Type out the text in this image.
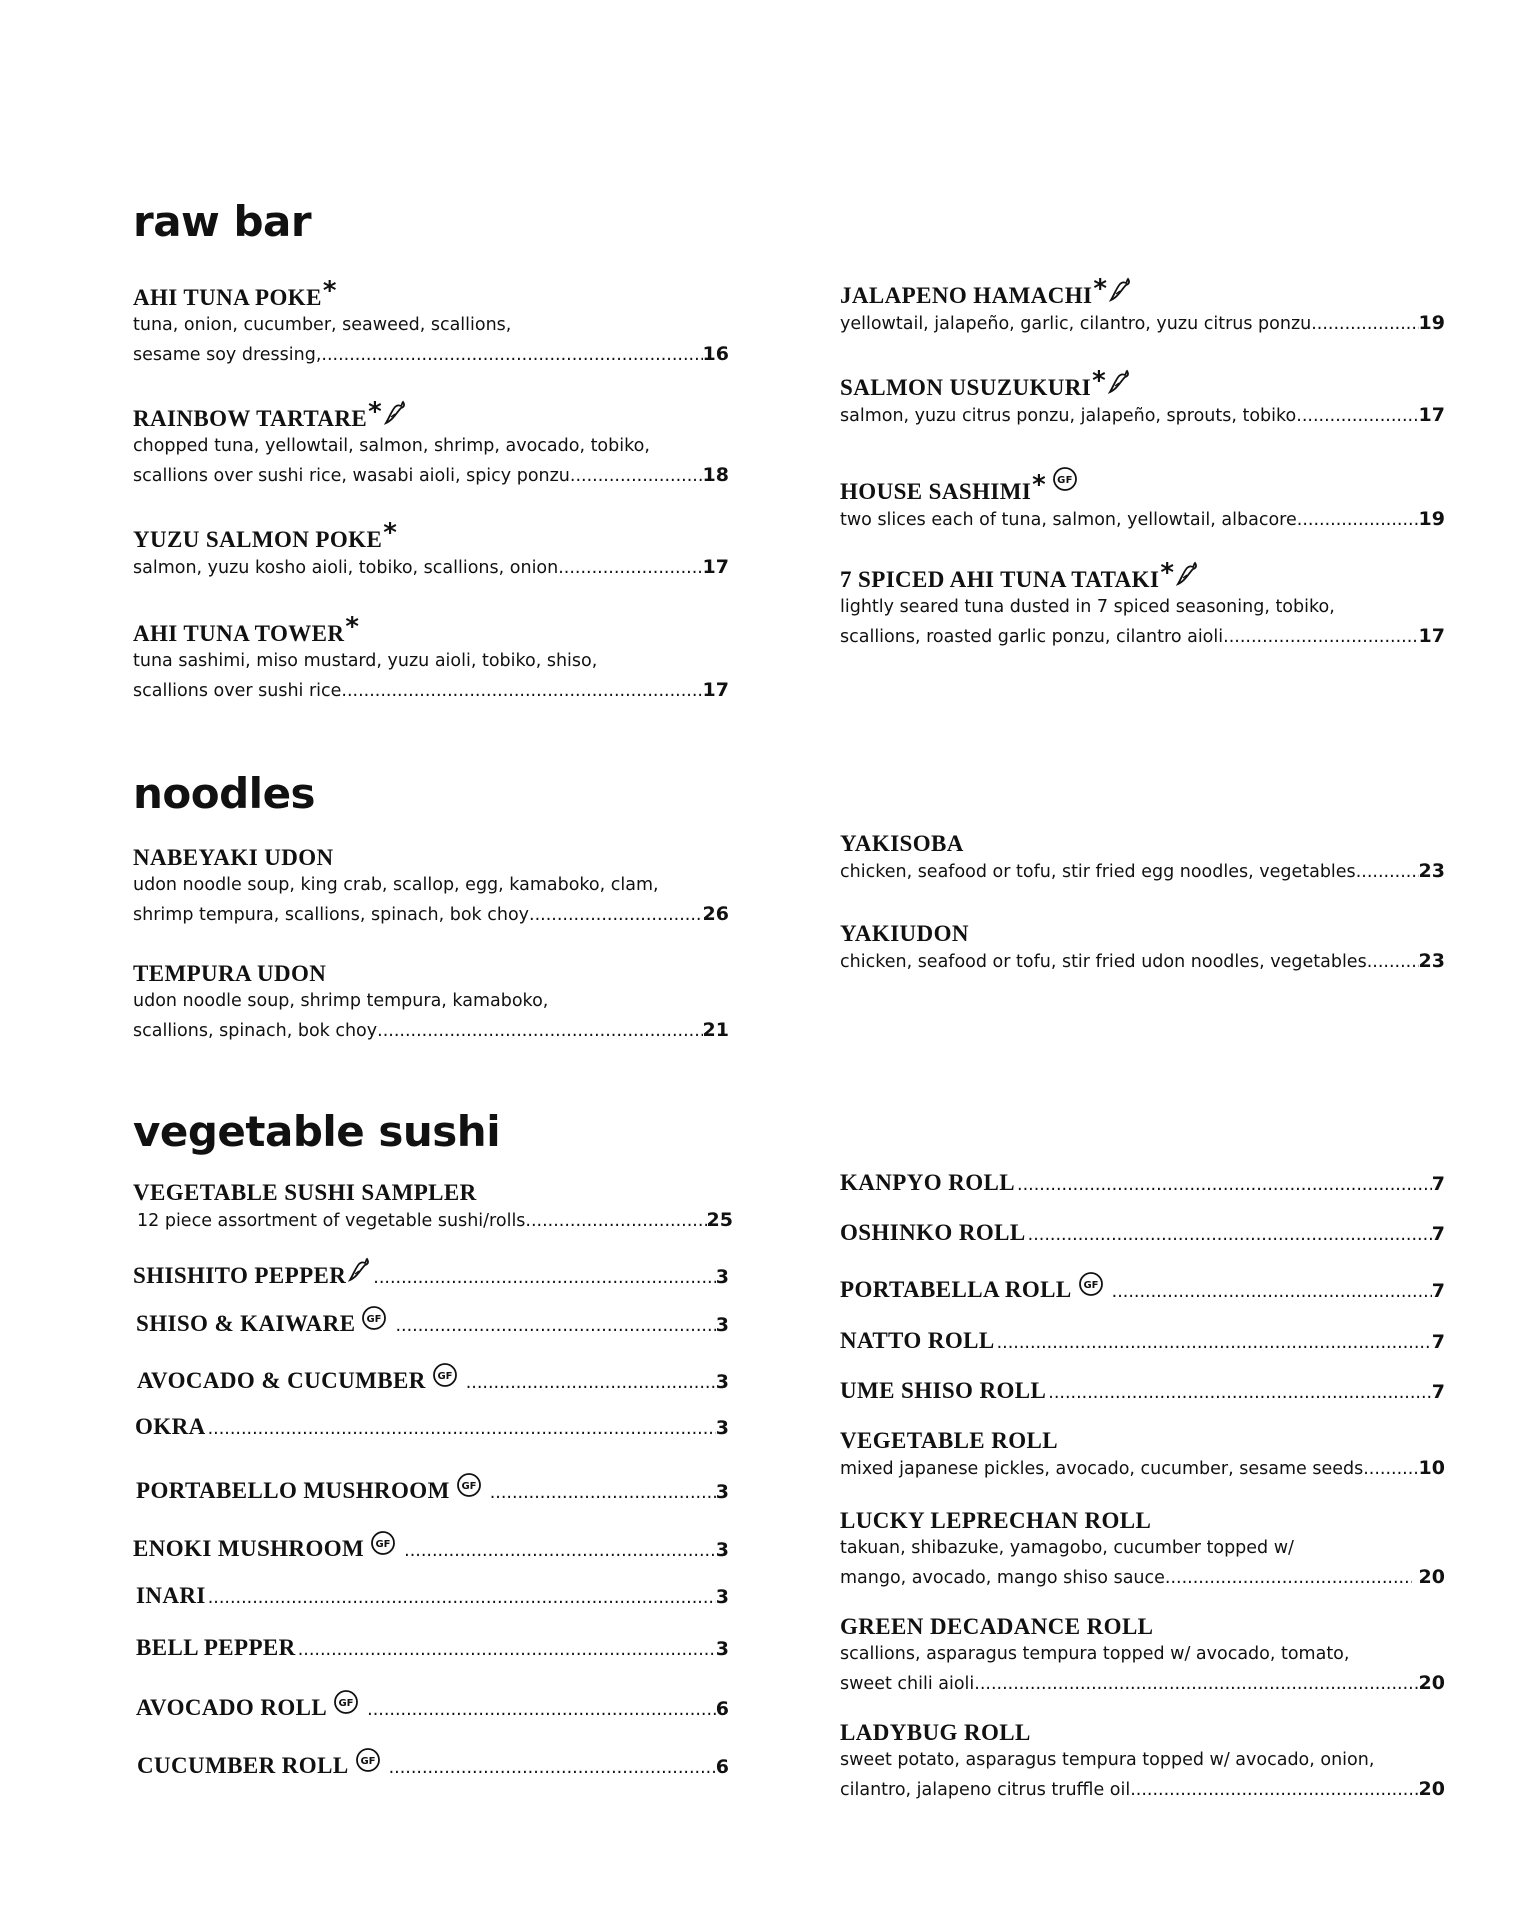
raw bar
AHI TUNA POKE*
tuna, onion, cucumber, seaweed, scallions,
sesame soy dressing, .....	16
RAINBOW TARTARE*
chopped tuna, yellowtail, salmon, shrimp, avocado, tobiko,
scallions over sushi rice, wasabi aioli, spicy ponzu .....	18
YUZU SALMON POKE*
salmon, yuzu kosho aioli, tobiko, scallions, onion .....	17
AHI TUNA TOWER*
tuna sashimi, miso mustard, yuzu aioli, tobiko, shiso,
scallions over sushi rice .....	17
JALAPENO HAMACHI*
yellowtail, jalapeño, garlic, cilantro, yuzu citrus ponzu .....	19
SALMON USUZUKURI*
salmon, yuzu citrus ponzu, jalapeño, sprouts, tobiko .....	17
HOUSE SASHIMI* GF
two slices each of tuna, salmon, yellowtail, albacore .....	19
7 SPICED AHI TUNA TATAKI*
lightly seared tuna dusted in 7 spiced seasoning, tobiko,
scallions, roasted garlic ponzu, cilantro aioli .....	17
noodles
NABEYAKI UDON
udon noodle soup, king crab, scallop, egg, kamaboko, clam,
shrimp tempura, scallions, spinach, bok choy .....	26
TEMPURA UDON
udon noodle soup, shrimp tempura, kamaboko,
scallions, spinach, bok choy .....	21
YAKISOBA
chicken, seafood or tofu, stir fried egg noodles, vegetables .....	23
YAKIUDON
chicken, seafood or tofu, stir fried udon noodles, vegetables .....	23
vegetable sushi
VEGETABLE SUSHI SAMPLER
12 piece assortment of vegetable sushi/rolls .....	25
SHISHITO PEPPER .....	3
SHISO & KAIWARE GF .....	3
AVOCADO & CUCUMBER GF .....	3
OKRA .....	3
PORTABELLO MUSHROOM GF .....	3
ENOKI MUSHROOM GF .....	3
INARI .....	3
BELL PEPPER .....	3
AVOCADO ROLL GF .....	6
CUCUMBER ROLL GF .....	6
KANPYO ROLL .....	7
OSHINKO ROLL .....	7
PORTABELLA ROLL GF .....	7
NATTO ROLL .....	7
UME SHISO ROLL .....	7
VEGETABLE ROLL
mixed japanese pickles, avocado, cucumber, sesame seeds .....	10
LUCKY LEPRECHAN ROLL
takuan, shibazuke, yamagobo, cucumber topped w/
mango, avocado, mango shiso sauce .....	20
GREEN DECADANCE ROLL
scallions, asparagus tempura topped w/ avocado, tomato,
sweet chili aioli .....	20
LADYBUG ROLL
sweet potato, asparagus tempura topped w/ avocado, onion,
cilantro, jalapeno citrus truffle oil .....	20
